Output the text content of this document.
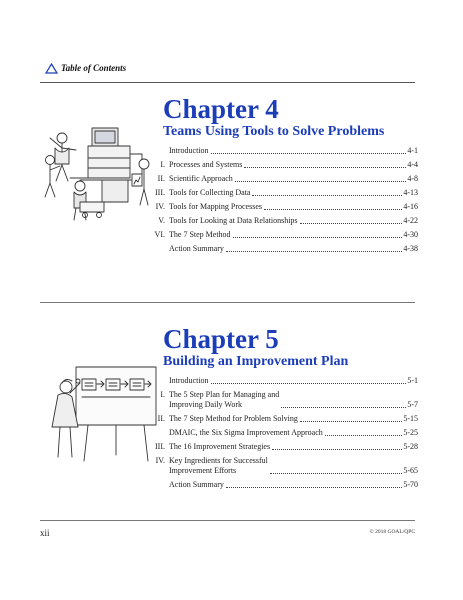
Table of Contents
Chapter 4
Teams Using Tools to Solve Problems
Introduction	4-1
I. Processes and Systems	4-4
II. Scientific Approach	4-8
III. Tools for Collecting Data	4-13
IV. Tools for Mapping Processes	4-16
V. Tools for Looking at Data Relationships	4-22
VI. The 7 Step Method	4-30
Action Summary	4-38
Chapter 5
Building an Improvement Plan
Introduction	5-1
I. The 5 Step Plan for Managing and
Improving Daily Work	5-7
II. The 7 Step Method for Problem Solving	5-15
DMAIC, the Six Sigma Improvement Approach	5-25
III. The 16 Improvement Strategies	5-28
IV. Key Ingredients for Successful
Improvement Efforts	5-65
Action Summary	5-70
xii	© 2018 GOAL/QPC
